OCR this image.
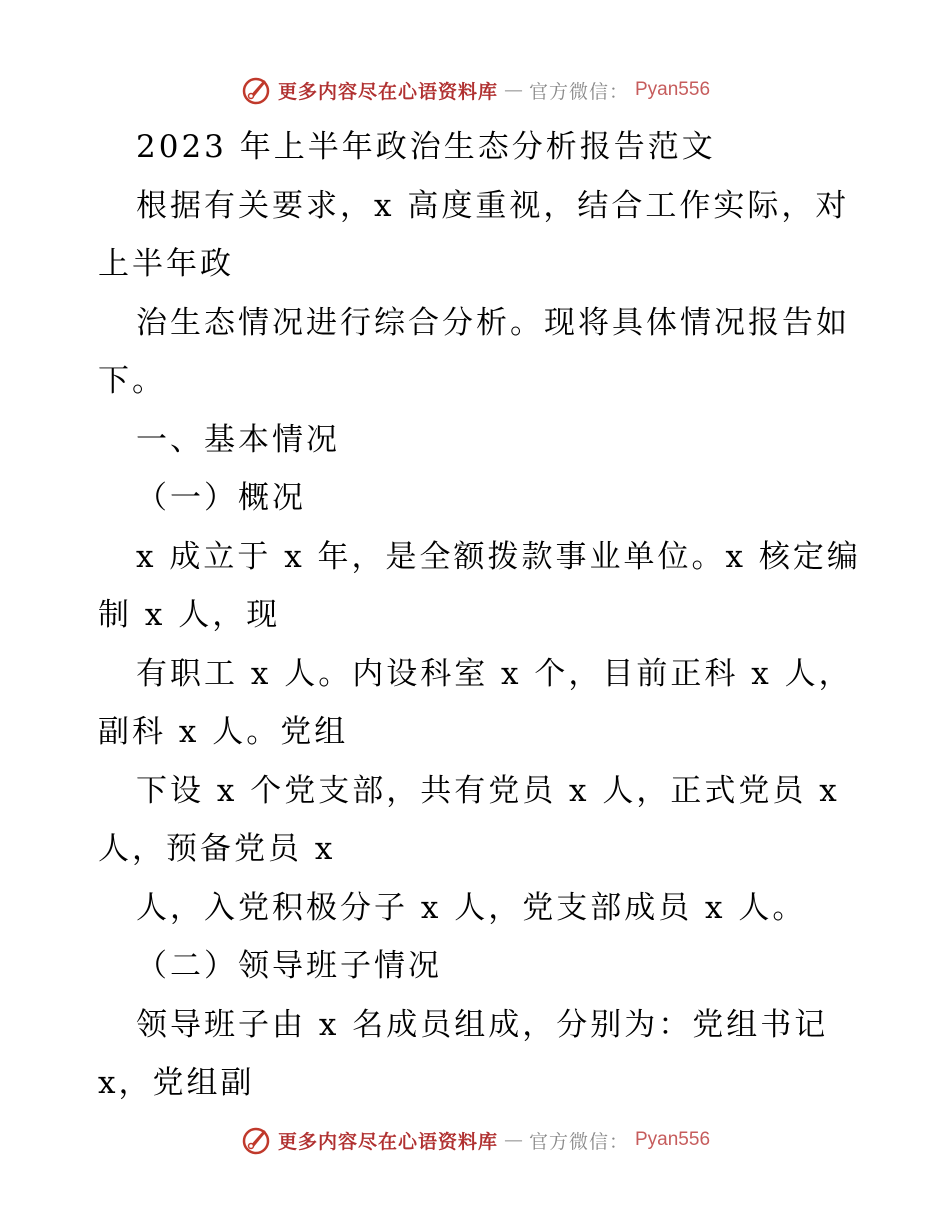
更多内容尽在心语资料库 — 官方微信： Pyan556
2023 年上半年政治生态分析报告范文
根据有关要求，x 高度重视，结合工作实际，对
上半年政
治生态情况进行综合分析。现将具体情况报告如
下。
一、基本情况
（一）概况
x 成立于 x 年，是全额拨款事业单位。x 核定编
制 x 人，现
有职工 x 人。内设科室 x 个，目前正科 x 人，
副科 x 人。党组
下设 x 个党支部，共有党员 x 人，正式党员 x
人，预备党员 x
人，入党积极分子 x 人，党支部成员 x 人。
（二）领导班子情况
领导班子由 x 名成员组成，分别为：党组书记
x，党组副
更多内容尽在心语资料库 — 官方微信： Pyan556
